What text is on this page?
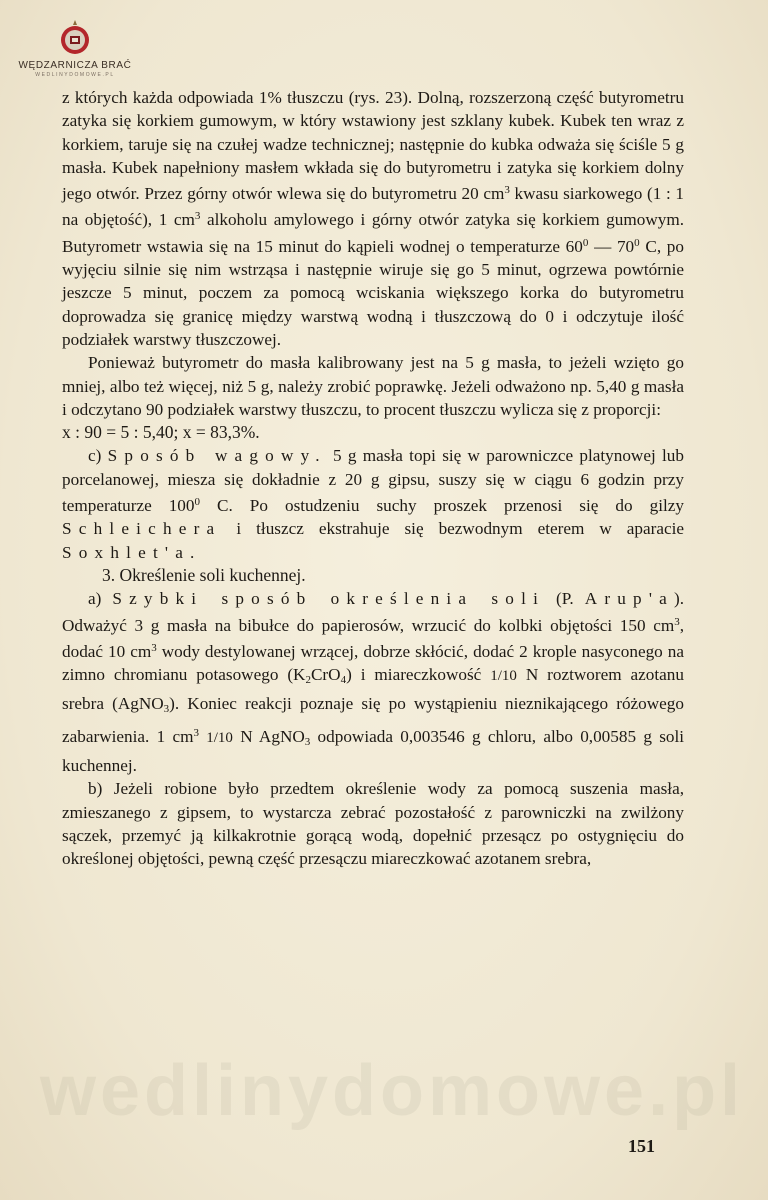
WĘDZARNICZA BRAĆ
WEDLINYDOMOWE.PL

z których każda odpowiada 1% tłuszczu (rys. 23). Dolną, rozszerzoną część butyrometru zatyka się korkiem gumowym, w który wstawiony jest szklany kubek. Kubek ten wraz z korkiem, taruje się na czułej wadze technicznej; następnie do kubka odważa się ściśle 5 g masła. Kubek napełniony masłem wkłada się do butyrometru i zatyka się korkiem dolny jego otwór. Przez górny otwór wlewa się do butyrometru 20 $cm^3$ kwasu siarkowego (1 : 1 na objętość), 1 $cm^3$ alkoholu amylowego i górny otwór zatyka się korkiem gumowym. Butyrometr wstawia się na 15 minut do kąpieli wodnej o temperaturze $60^0$ — $70^0$ C, po wyjęciu silnie się nim wstrząsa i następnie wiruje się go 5 minut, ogrzewa powtórnie jeszcze 5 minut, poczem za pomocą wciskania większego korka do butyrometru doprowadza się granicę między warstwą wodną i tłuszczową do 0 i odczytuje ilość podziałek warstwy tłuszczowej.

Ponieważ butyrometr do masła kalibrowany jest na 5 g masła, to jeżeli wzięto go mniej, albo też więcej, niż 5 g, należy zrobić poprawkę. Jeżeli odważono np. 5,40 g masła i odczytano 90 podziałek warstwy tłuszczu, to procent tłuszczu wylicza się z proporcji:

x : 90 = 5 : 5,40; x = 83,3%.

c) Sposób wagowy. 5 g masła topi się w parowniczce platynowej lub porcelanowej, miesza się dokładnie z 20 g gipsu, suszy się w ciągu 6 godzin przy temperaturze $100^0$ C. Po ostudzeniu suchy proszek przenosi się do gilzy Schleichera i tłuszcz ekstrahuje się bezwodnym eterem w aparacie Soxhlet'a.

3. Określenie soli kuchennej.

a) Szybki sposób określenia soli (P. Arup'a). Odważyć 3 g masła na bibułce do papierosów, wrzucić do kolbki objętości 150 $cm^3$, dodać 10 $cm^3$ wody destylowanej wrzącej, dobrze skłócić, dodać 2 krople nasyconego na zimno chromianu potasowego $(K_2CrO_4)$ i miareczkowość 1/10 N roztworem azotanu srebra (AgNO$_3$). Koniec reakcji poznaje się po wystąpieniu nieznikającego różowego zabarwienia. 1 $cm^3$ 1/10 N AgNO$_3$ odpowiada 0,003546 g chloru, albo 0,00585 g soli kuchennej.

b) Jeżeli robione było przedtem określenie wody za pomocą suszenia masła, zmieszanego z gipsem, to wystarcza zebrać pozostałość z parowniczki na zwilżony sączek, przemyć ją kilkakrotnie gorącą wodą, dopełnić przesącz po ostygnięciu do określonej objętości, pewną część przesączu miareczkować azotanem srebra,

wedlinydomowe.pl
151
